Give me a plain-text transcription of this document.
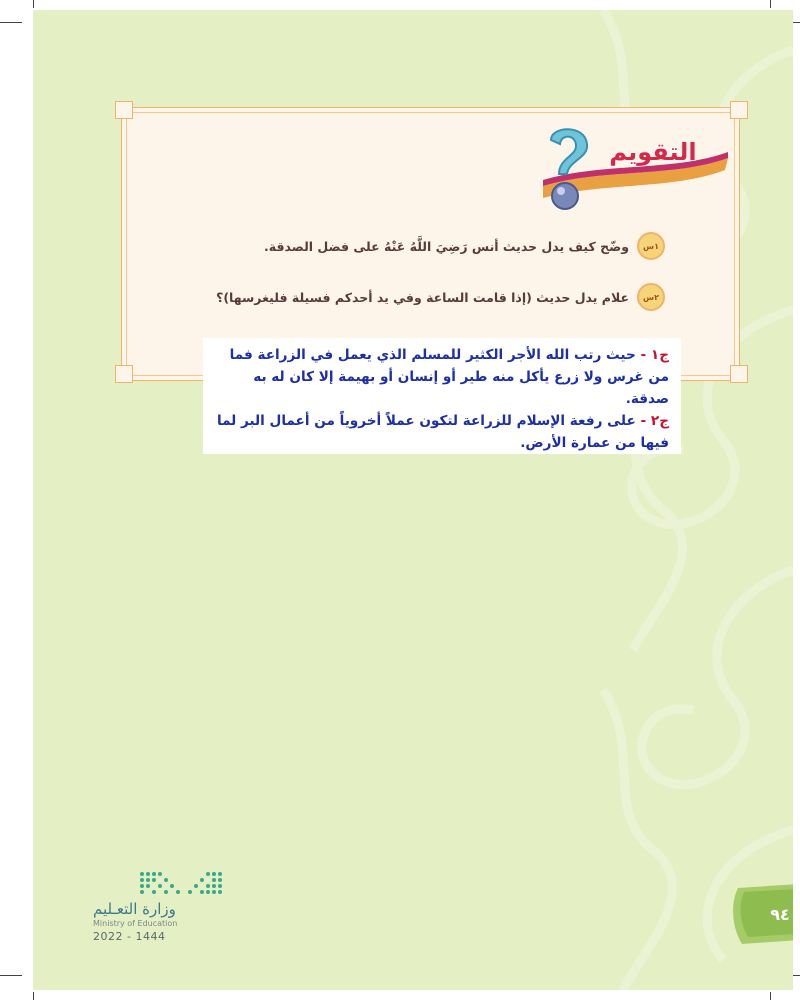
التقويم
١س
وضّح كيف يدل حديث أنس رَضِيَ اللَّهُ عَنْهُ على فضل الصدقة.
٢س
علام يدل حديث (إذا قامت الساعة وفي يد أحدكم فسيلة فليغرسها)؟
ج١ - حيث رتب الله الأجر الكثير للمسلم الذي يعمل في الزراعة فما من غرس ولا زرع يأكل منه طير أو إنسان أو بهيمة إلا كان له به صدقة.
ج٢ - على رفعة الإسلام للزراعة لتكون عملاً أخروياً من أعمال البر لما فيها من عمارة الأرض.
وزارة التعـليم
Ministry of Education
2022 - 1444
٩٤
